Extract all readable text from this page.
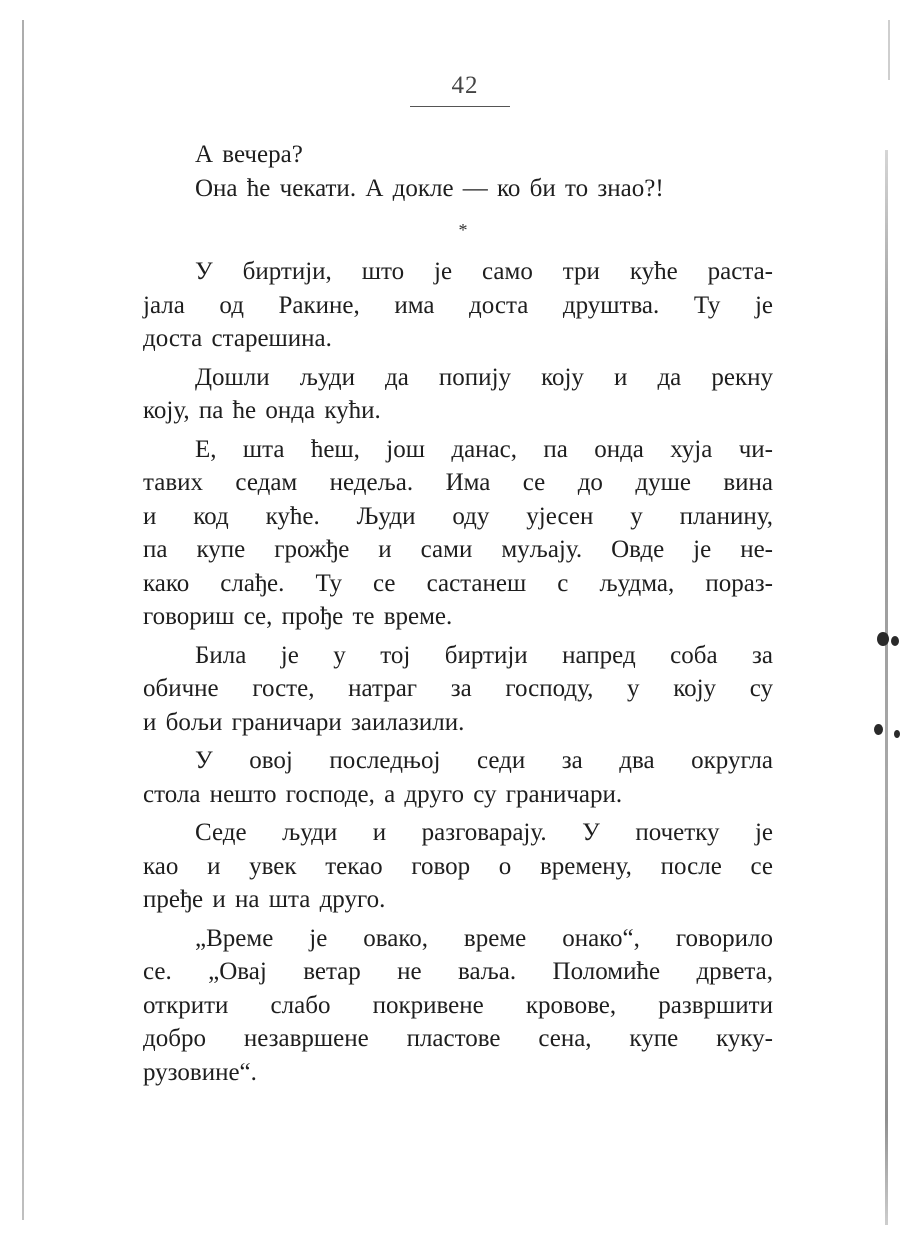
42
А вечера?
Она ће чекати. А докле — ко би то знао?!
*
У биртији, што је само три куће раста-
јала од Ракине, има доста друштва. Ту је
доста старешина.
Дошли људи да попију коју и да рекну
коју, па ће онда кући.
Е, шта ћеш, још данас, па онда хуја чи-
тавих седам недеља. Има се до душе вина
и код куће. Људи оду ујесен у планину,
па купе грожђе и сами муљају. Овде је не-
како слађе. Ту се састанеш с људма, пораз-
говориш се, прође те време.
Била је у тој биртији напред соба за
обичне госте, натраг за господу, у коју су
и бољи граничари заилазили.
У овој последњој седи за два округла
стола нешто господе, а друго су граничари.
Седе људи и разговарају. У почетку је
као и увек текао говор о времену, после се
пређе и на шта друго.
„Време је овако, време онако“, говорило
се. „Овај ветар не ваља. Поломиће дрвета,
открити слабо покривене кровове, развршити
добро незавршене пластове сена, купе куку-
рузовине“.
